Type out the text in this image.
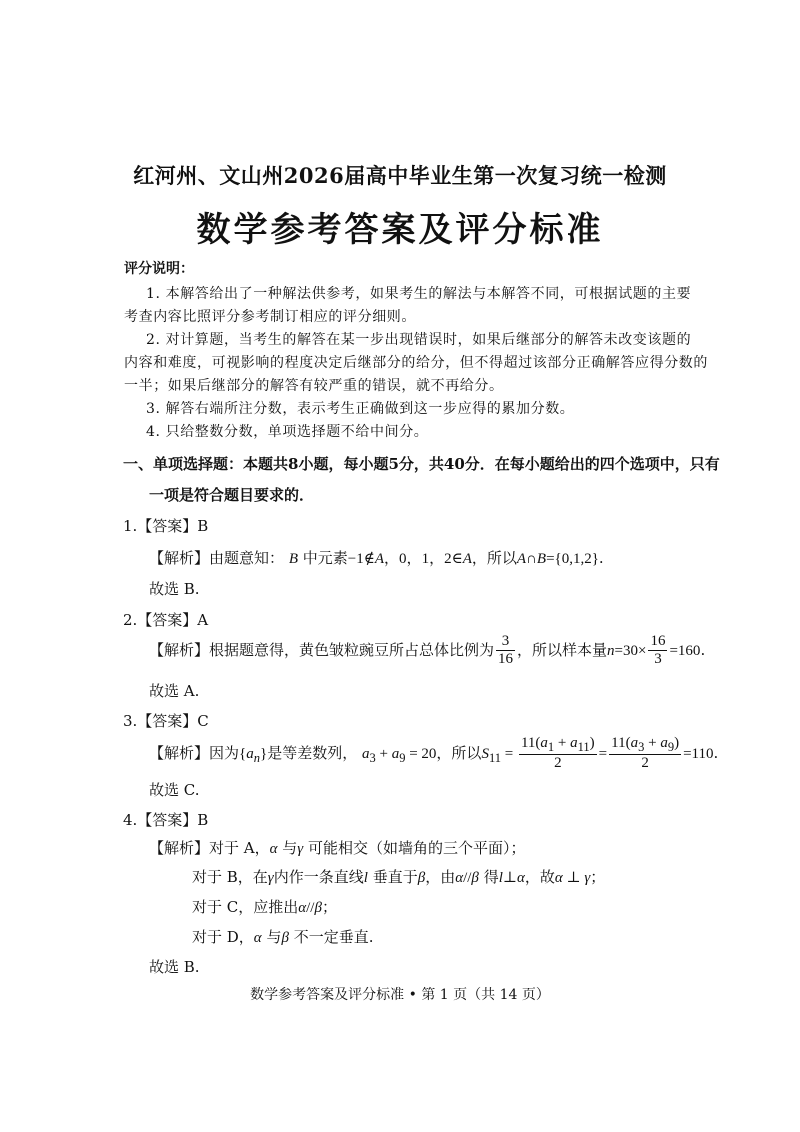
红河州、文山州2026届高中毕业生第一次复习统一检测
数学参考答案及评分标准
评分说明：
1. 本解答给出了一种解法供参考，如果考生的解法与本解答不同，可根据试题的主要
考查内容比照评分参考制订相应的评分细则。
2. 对计算题，当考生的解答在某一步出现错误时，如果后继部分的解答未改变该题的
内容和难度，可视影响的程度决定后继部分的给分，但不得超过该部分正确解答应得分数的
一半；如果后继部分的解答有较严重的错误，就不再给分。
3. 解答右端所注分数，表示考生正确做到这一步应得的累加分数。
4. 只给整数分数，单项选择题不给中间分。
一、单项选择题：本题共8小题，每小题5分，共40分．在每小题给出的四个选项中，只有
一项是符合题目要求的．
1.【答案】B
【解析】由题意知： B 中元素−1∉A，0，1，2∈A，所以A∩B={0,1,2}.
故选 B.
2.【答案】A
【解析】根据题意得，黄色皱粒豌豆所占总体比例为 $\frac{3}{16}$ ，所以样本量$n=30\times \frac{16}{3} =160$.
故选 A.
3.【答案】C
【解析】因为$\{a_n\}$是等差数列， $a_3 + a_9 = 20$，所以$S_{11} = \frac{11(a_1 + a_{11})}{2} = \frac{11(a_3 + a_9)}{2} =110$.
故选 C.
4.【答案】B
【解析】对于 A，α 与γ 可能相交（如墙角的三个平面）；
对于 B，在γ内作一条直线l 垂直于β，由α//β 得l⊥α，故α ⊥ γ；
对于 C，应推出α//β；
对于 D，α 与β 不一定垂直.
故选 B.
数学参考答案及评分标准 • 第 1 页（共 14 页）
